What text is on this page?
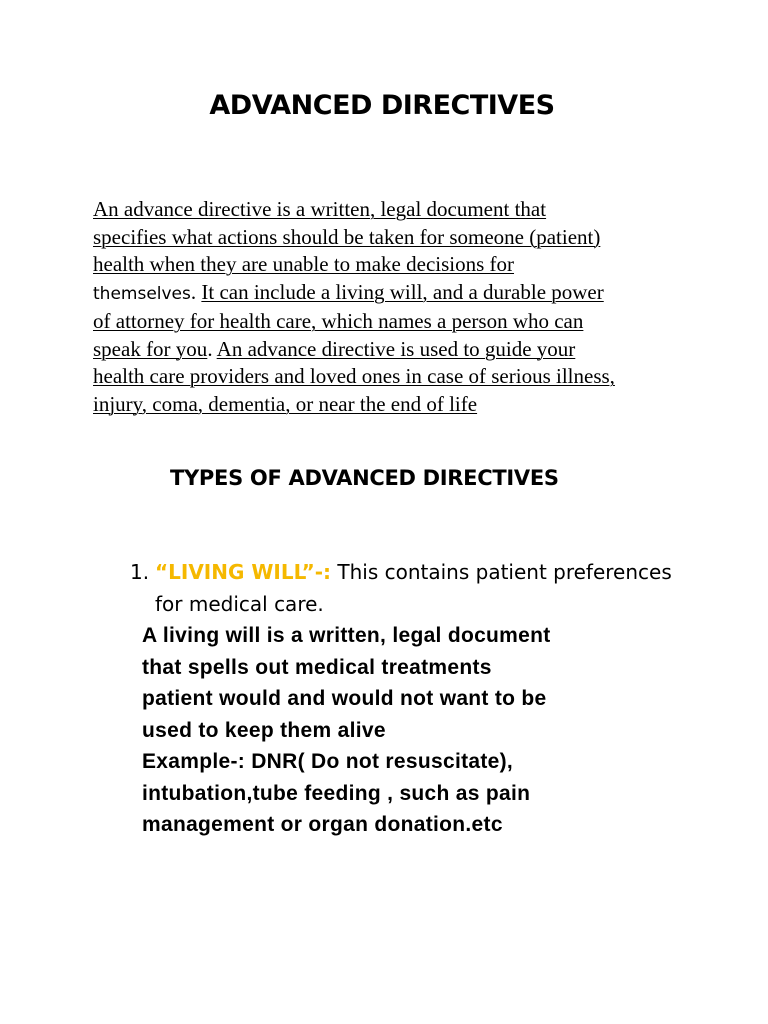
ADVANCED DIRECTIVES
An advance directive is a written, legal document that
specifies what actions should be taken for someone (patient)
health when they are unable to make decisions for
themselves. It can include a living will, and a durable power
of attorney for health care, which names a person who can
speak for you. An advance directive is used to guide your
health care providers and loved ones in case of serious illness,
injury, coma, dementia, or near the end of life
TYPES OF ADVANCED DIRECTIVES
1. “LIVING WILL”-: This contains patient preferences
for medical care.
A living will is a written, legal document
that spells out medical treatments
patient would and would not want to be
used to keep them alive
Example-: DNR( Do not resuscitate),
intubation,tube feeding , such as pain
management or organ donation.etc
